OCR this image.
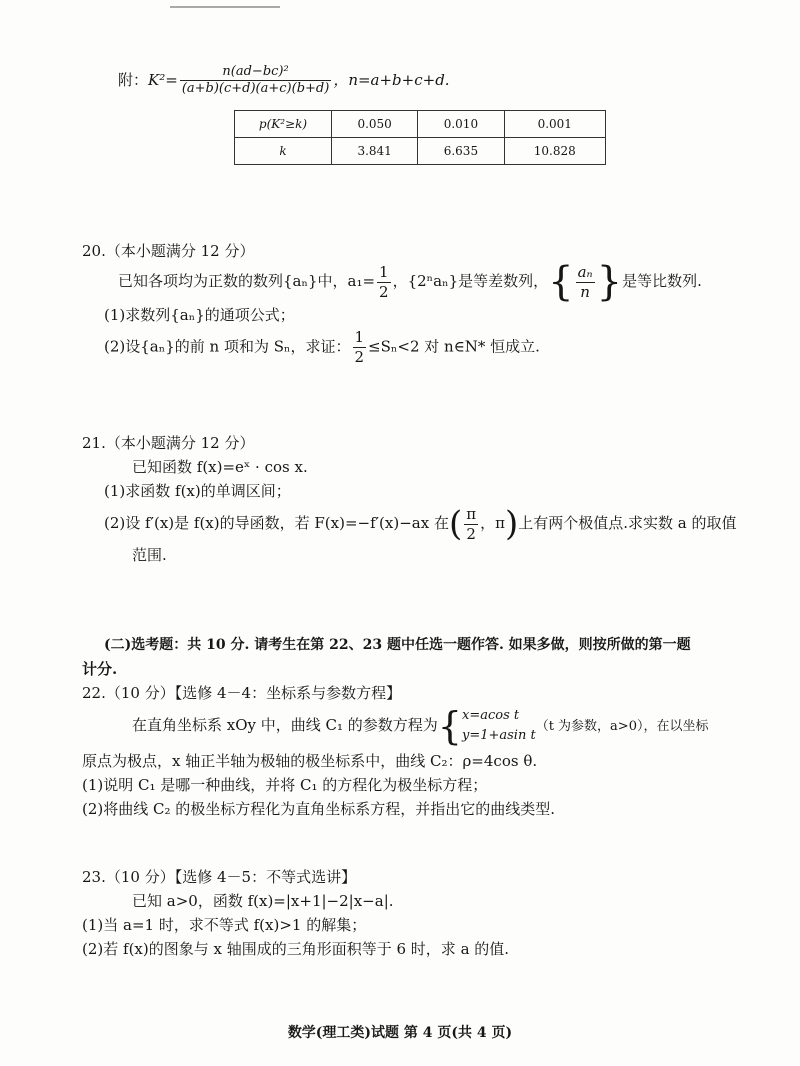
附：$K^2= \frac{\text{n(ad−bc)²}}{(a+b)(c+d)(a+c)(b+d)}$ ，n=a+b+c+d.
p(K²≥k)	0.050	0.010	0.001
k	3.841	6.635	10.828
20.（本小题满分 12 分）
已知各项均为正数的数列{aₙ}中，$a_1= \frac{1}{2}$ ，{2ⁿaₙ}是等差数列，{ $\frac{\text{aₙ}}{n}$ }是等比数列.
(1)求数列{aₙ}的通项公式；
(2)设{aₙ}的前 n 项和为 Sₙ，求证： $\frac{1}{2} \le S_n<2$ 对 n∈N* 恒成立.
21.（本小题满分 12 分）
已知函数 f(x)=eˣ · cos x.
(1)求函数 f(x)的单调区间；
(2)设 f′(x)是 f(x)的导函数，若 F(x)=−f′(x)−ax 在( $\frac{\pi}{2}$ ，π)上有两个极值点.求实数 a 的取值
范围.
(二)选考题：共 10 分. 请考生在第 22、23 题中任选一题作答. 如果多做，则按所做的第一题
计分.
22.（10 分）【选修 4－4：坐标系与参数方程】
在直角坐标系 xOy 中，曲线 C₁ 的参数方程为{ x=acos t
y=1+asin t
（t 为参数，a>0），在以坐标
原点为极点，x 轴正半轴为极轴的极坐标系中，曲线 C₂：ρ=4cos θ.
(1)说明 C₁ 是哪一种曲线，并将 C₁ 的方程化为极坐标方程；
(2)将曲线 C₂ 的极坐标方程化为直角坐标系方程，并指出它的曲线类型.
23.（10 分）【选修 4－5：不等式选讲】
已知 a>0，函数 f(x)=|x+1|−2|x−a|.
(1)当 a=1 时，求不等式 f(x)>1 的解集；
(2)若 f(x)的图象与 x 轴围成的三角形面积等于 6 时，求 a 的值.
数学(理工类)试题 第 4 页(共 4 页)
